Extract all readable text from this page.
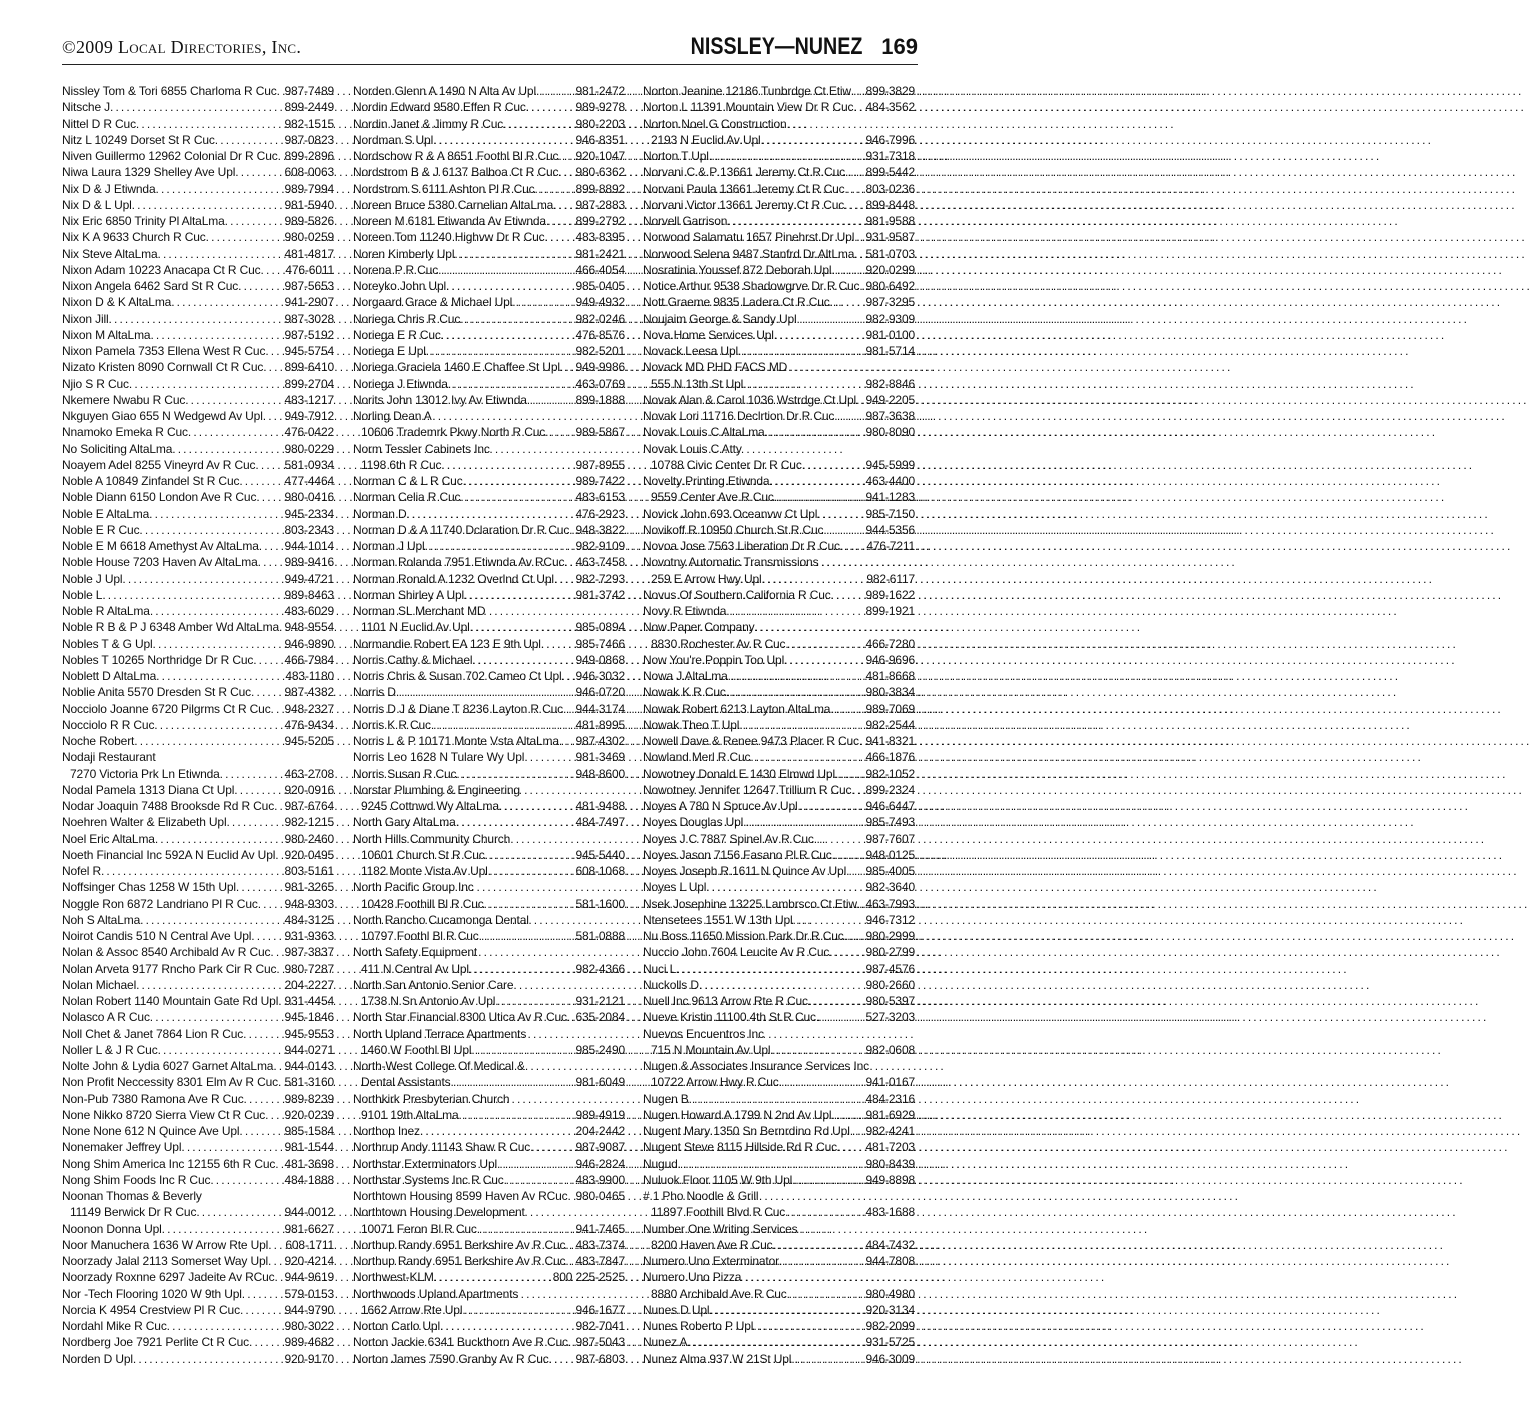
©2009 Local Directories, Inc.	NISSLEY—NUNEZ 169
Nissley Tom & Tori 6855 Charloma R Cuc . . . 987-7489
Nitsche J . . .	899-2449
Nittel D R Cuc . . .	982-1515
Nitz L 10249 Dorset St R Cuc . . .	987-0823
Niven Guillermo 12962 Colonial Dr R Cuc . . . 899-2896
Niwa Laura 1329 Shelley Ave Upl . . .	608-0063
Nix D & J Etiwnda . . .	989-7994
Nix D & L Upl . . .	981-5940
Nix Eric 6850 Trinity Pl AltaLma . . .	989-5826
Nix K A 9633 Church R Cuc . . .	980-0259
Nix Steve AltaLma . . .	481-4817
Nixon Adam 10223 Anacapa Ct R Cuc . . . 476-6011
Nixon Angela 6462 Sard St R Cuc . . .	987-5653
Nixon D & K AltaLma . . .	941-2907
Nixon Jill . . .	987-3028
Nixon M AltaLma . . .	987-5192
Nixon Pamela 7353 Ellena West R Cuc . . . 945-5754
Nizato Kristen 8090 Cornwall Ct R Cuc . . . 899-6410
Njio S R Cuc . . .	899-2704
Nkemere Nwabu R Cuc . . .	483-1217
Nkguyen Giao 655 N Wedgewd Av Upl . . . 949-7912
Nnamoko Emeka R Cuc . . .	476-0422
No Soliciting AltaLma . . .	980-0229
Noayem Adel 8255 Vineyrd Av R Cuc . . . 581-0934
Noble A 10849 Zinfandel St R Cuc . . .	477-4464
Noble Diann 6150 London Ave R Cuc . . . 980-0416
Noble E AltaLma . . .	945-2334
Noble E R Cuc . . .	803-2343
Noble E M 6618 Amethyst Av AltaLma . . . 944-1014
Noble House 7203 Haven Av AltaLma . . . 989-9416
Noble J Upl . . .	949-4721
Noble L . . .	989-8463
Noble R AltaLma . . .	483-6029
Noble R B & P J 6348 Amber Wd AltaLma . . . 948-9554
Nobles T & G Upl . . .	946-9890
Nobles T 10265 Northridge Dr R Cuc . . .	466-7984
Noblett D AltaLma . . .	483-1180
Noblie Anita 5570 Dresden St R Cuc . . .	987-4382
Nocciolo Joanne 6720 Pilgrms Ct R Cuc . . . 948-2327
Nocciolo R R Cuc . . .	476-9434
Noche Robert . . .	945-5205
Nodaji Restaurant
7270 Victoria Prk Ln Etiwnda . . .	463-2708
Nodal Pamela 1313 Diana Ct Upl . . .	920-0916
Nodar Joaquin 7488 Brooksde Rd R Cuc . . . 987-6764
Noehren Walter & Elizabeth Upl . . .	982-1215
Noel Eric AltaLma . . .	980-2460
Noeth Financial Inc 592A N Euclid Av Upl . . . 920-0495
Nofel R . . .	803-5161
Noffsinger Chas 1258 W 15th Upl . . .	981-3265
Noggle Ron 6872 Landriano Pl R Cuc . . . 948-9303
Noh S AltaLma . . .	484-3125
Noirot Candis 510 N Central Ave Upl . . .	931-9363
Nolan & Assoc 8540 Archibald Av R Cuc . . . 987-3837
Nolan Arveta 9177 Rncho Park Cir R Cuc . . . 980-7287
Nolan Michael . . .	204-2227
Nolan Robert 1140 Mountain Gate Rd Upl . . . 931-4454
Nolasco A R Cuc . . .	945-1846
Noll Chet & Janet 7864 Lion R Cuc . . .	945-9553
Noller L & J R Cuc . . .	944-0271
Nolte John & Lydia 6027 Garnet AltaLma . . . 944-0143
Non Profit Neccessity 8301 Elm Av R Cuc . . . 581-3160
Non-Pub 7380 Ramona Ave R Cuc . . .	989-8239
None Nikko 8720 Sierra View Ct R Cuc . . . 920-0239
None None 612 N Quince Ave Upl . . .	985-1584
Nonemaker Jeffrey Upl . . .	981-1544
Nong Shim America Inc 12155 6th R Cuc . . . 481-3698
Nong Shim Foods Inc R Cuc . . .	484-1888
Noonan Thomas & Beverly
11149 Berwick Dr R Cuc . . .	944-0012
Noonon Donna Upl . . .	981-6627
Noor Manuchera 1636 W Arrow Rte Upl . . . 608-1711
Noorzady Jalal 2113 Somerset Way Upl . . . 920-4214
Noorzady Roxnne 6297 Jadeite Av RCuc . . . 944-9619
Nor -Tech Flooring 1020 W 9th Upl . . .	579-0153
Norcia K 4954 Crestview Pl R Cuc . . .	944-9790
Nordahl Mike R Cuc . . .	980-3022
Nordberg Joe 7921 Perlite Ct R Cuc . . .	989-4682
Norden D Upl . . .	920-9170
Norden Glenn A 1490 N Alta Av Upl . . .	981-2472
Nordin Edward 9580 Effen R Cuc . . .	989-9278
Nordin Janet & Jimmy R Cuc . . .	980-2203
Nordman S Upl . . .	946-8351
Nordschow R & A 8651 Foothl Bl R Cuc . . . 920-1047
Nordstrom B & J 6137 Balboa Ct R Cuc . . . 980-6362
Nordstrom S 6111 Ashton Pl R Cuc . . .	899-8892
Noreen Bruce 5380 Carnelian AltaLma . . . 987-2883
Noreen M 6181 Etiwanda Av Etiwnda . . . 899-2792
Noreen Tom 11240 Highvw Dr R Cuc . . .	483-8395
Noren Kimberly Upl . . .	981-2421
Norena P R Cuc . . .	466-4054
Noreyko John Upl . . .	985-0405
Norgaard Grace & Michael Upl . . .	949-4932
Noriega Chris R Cuc . . .	982-0246
Noriega E R Cuc . . .	476-8576
Noriega E Upl . . .	982-5201
Noriega Graciela 1460 E Chaffee St Upl . . . 949-9986
Noriega J Etiwnda . . .	463-0769
Norits John 13012 Ivy Av Etiwnda . . .	899-1888
Norling Dean A
10606 Trademrk Pkwy North R Cuc . . .	989-5867
Norm Tessler Cabinets Inc
1198 6th R Cuc . . .	987-8955
Norman C & L R Cuc . . .	989-7422
Norman Celia R Cuc . . .	483-6153
Norman D . . .	476-2923
Norman D & A 11740 Dclaration Dr R Cuc . . . 948-3822
Norman J Upl . . .	982-9109
Norman Rolanda 7951 Etiwnda Av RCuc . . . 463-7458
Norman Ronald A 1232 Overlnd Ct Upl . . . 982-7293
Norman Shirley A Upl . . .	981-3742
Norman SL Merchant MD
1101 N Euclid Av Upl . . .	985-0894
Normandie Robert EA 123 E 9th Upl . . .	985-7466
Norris Cathy & Michael . . .	949-0868
Norris Chris & Susan 702 Cameo Ct Upl . . . 946-3032
Norris D . . .	946-0720
Norris D J & Diane T 8236 Layton R Cuc . . . 944-3174
Norris K R Cuc . . .	481-8995
Norris L & P 10171 Monte Vsta AltaLma . . . 987-4302
Norris Leo 1628 N Tulare Wy Upl . . .	981-3469
Norris Susan R Cuc . . .	948-8600
Norstar Plumbing & Engineering
9245 Cottnwd Wy AltaLma . . .	481-9488
North Gary AltaLma . . .	484-7497
North Hills Community Church
10601 Church St R Cuc . . .	945-5440
1182 Monte Vista Av Upl . . .	608-1068
North Pacific Group Inc
10428 Foothill Bl R Cuc . . .	581-1600
North Rancho Cucamonga Dental
10797 Foothl Bl R Cuc . . .	581-0888
North Safety Equipment
411 N Central Av Upl . . .	982-4366
North San Antonio Senior Care
1738 N Sn Antonio Av Upl . . .	931-2121
North Star Financial 8300 Utica Av R Cuc . . . 635-2084
North Upland Terrace Apartments
1460 W Foothl Bl Upl . . .	985-2490
North-West College Of Medical &
Dental Assistants . . .	981-6049
Northkirk Presbyterian Church
9101 19th AltaLma . . .	989-4919
Northop Inez . . .	204-2442
Northrup Andy 11143 Shaw R Cuc . . .	987-9087
Northstar Exterminators Upl . . .	946-2824
Northstar Systems Inc R Cuc . . .	483-9900
Northtown Housing 8599 Haven Av RCuc . . . 980-0465
Northtown Housing Development
10071 Feron Bl R Cuc . . .	941-7465
Northup Randy 6951 Berkshire Av R Cuc . . . 483-7374
Northup Randy 6951 Berkshire Av R Cuc . . . 483-7847
Northwest-KLM . . .	800 225-2525
Northwoods Upland Apartments
1662 Arrow Rte Upl . . .	946-1677
Norton Carlo Upl . . .	982-7041
Norton Jackie 6341 Buckthorn Ave R Cuc . . . 987-5043
Norton James 7590 Granby Av R Cuc . . . 987-6803
Norton Jeanine 12186 Tunbrdge Ct Etiw . . . 899-3829
Norton L 11391 Mountain View Dr R Cuc . . . 484-3562
Norton Noel G Construction
2193 N Euclid Av Upl . . .	946-7996
Norton T Upl . . .	931-7318
Norvani C & P 13661 Jeremy Ct R Cuc . . . 899-5442
Norvani Paula 13661 Jeremy Ct R Cuc . . . 803-0236
Norvani Victor 13661 Jeremy Ct R Cuc . . . 899-8448
Norvell Garrison . . .	981-9588
Norwood Salamatu 1657 Pinehrst Dr Upl . . . 931-9587
Norwood Selena 9487 Stanfrd Dr AltLma . . . 581-0703
Nosratinia Youssef 872 Deborah Upl . . .	920-0299
Notice Arthur 9538 Shadowgrve Dr R Cuc . . . 980-6492
Nott Graeme 9835 Ladera Ct R Cuc . . .	987-3295
Noujaim George & Sandy Upl . . .	982-9309
Nova Home Services Upl . . .	981-0100
Novack Leesa Upl . . .	981-5714
Novack MD PHD FACS MD
555 N 13th St Upl . . .	982-8846
Novak Alan & Carol 1036 Wstrdge Ct Upl . . . 949-2205
Novak Lori 11716 Declrtion Dr R Cuc . . .	987-3638
Novak Louis C AltaLma . . .	980-8090
Novak Louis C Atty
10788 Civic Center Dr R Cuc . . .	945-5999
Novelty Printing Etiwnda . . .	463-4400
9559 Center Ave R Cuc . . .	941-1283
Novick John 693 Oceanvw Ct Upl . . .	985-7150
Novikoff R 10950 Church St R Cuc . . .	944-5356
Novoa Jose 7563 Liberation Dr R Cuc . . . 476-7211
Novotny Automatic Transmissions
259 E Arrow Hwy Upl . . .	982-6117
Novus Of Southern California R Cuc . . .	989-1622
Novy R Etiwnda . . .	899-1921
Now Paper Company
8830 Rochester Av R Cuc . . .	466-7280
Now You're Poppin Too Upl . . .	946-9696
Nowa J AltaLma . . .	481-8668
Nowak K R Cuc . . .	980-3834
Nowak Robert 6213 Layton AltaLma . . .	989-7069
Nowak Theo T Upl . . .	982-2544
Nowell Dave & Renee 9473 Placer R Cuc . . . 941-8321
Nowland Merl R Cuc . . .	466-1876
Nowotney Donald E 1430 Elmwd Upl . . .	982-1052
Nowotney Jennifer 12647 Trillium R Cuc . . . 899-2324
Noyes A 780 N Spruce Av Upl . . .	946-6447
Noyes Douglas Upl . . .	985-7493
Noyes J C 7887 Spinel Av R Cuc . . .	987-7607
Noyes Jason 7156 Fasano Pl R Cuc . . .	948-0125
Noyes Joseph R 1611 N Quince Av Upl . . . 985-4005
Noyes L Upl . . .	982-3640
Nsek Josephine 13225 Lambrsco Ct Etiw . . . 463-7993
Ntensetees 1551 W 13th Upl . . .	946-7312
Nu Boss 11650 Mission Park Dr R Cuc . . . 980-2999
Nuccio John 7604 Leucite Av R Cuc . . .	980-2799
Nuci L . . .	987-4576
Nuckolls D . . .	980-2660
Nuell Inc 9613 Arrow Rte R Cuc . . .	980-5397
Nueve Kristin 11100 4th St R Cuc . . .	527-3203
Nuevos Encuentros Inc
715 N Mountain Av Upl . . .	982-0608
Nugen & Associates Insurance Services Inc
10722 Arrow Hwy R Cuc . . .	941-0167
Nugen B . . .	484-2316
Nugen Howard A 1799 N 2nd Av Upl . . .	981-6929
Nugent Mary 1350 Sn Bernrdino Rd Upl . . . 982-4241
Nugent Steve 8115 Hillside Rd R Cuc . . . 481-7203
Nugud . . .	980-8439
Nuluok Floor 1105 W 9th Upl . . .	949-8898
# 1 Pho Noodle & Grill
11897 Foothill Blvd R Cuc . . .	483-1688
Number One Writing Services
8200 Haven Ave R Cuc . . .	484-7432
Numero Uno Exterminator . . .	944-7808
Numero Uno Pizza
8880 Archibald Ave R Cuc . . .	980-4980
Nunes D Upl . . .	920-3134
Nunes Roberto P Upl . . .	982-2099
Nunez A . . .	931-5725
Nunez Alma 937 W 21St Upl . . .	946-3009
